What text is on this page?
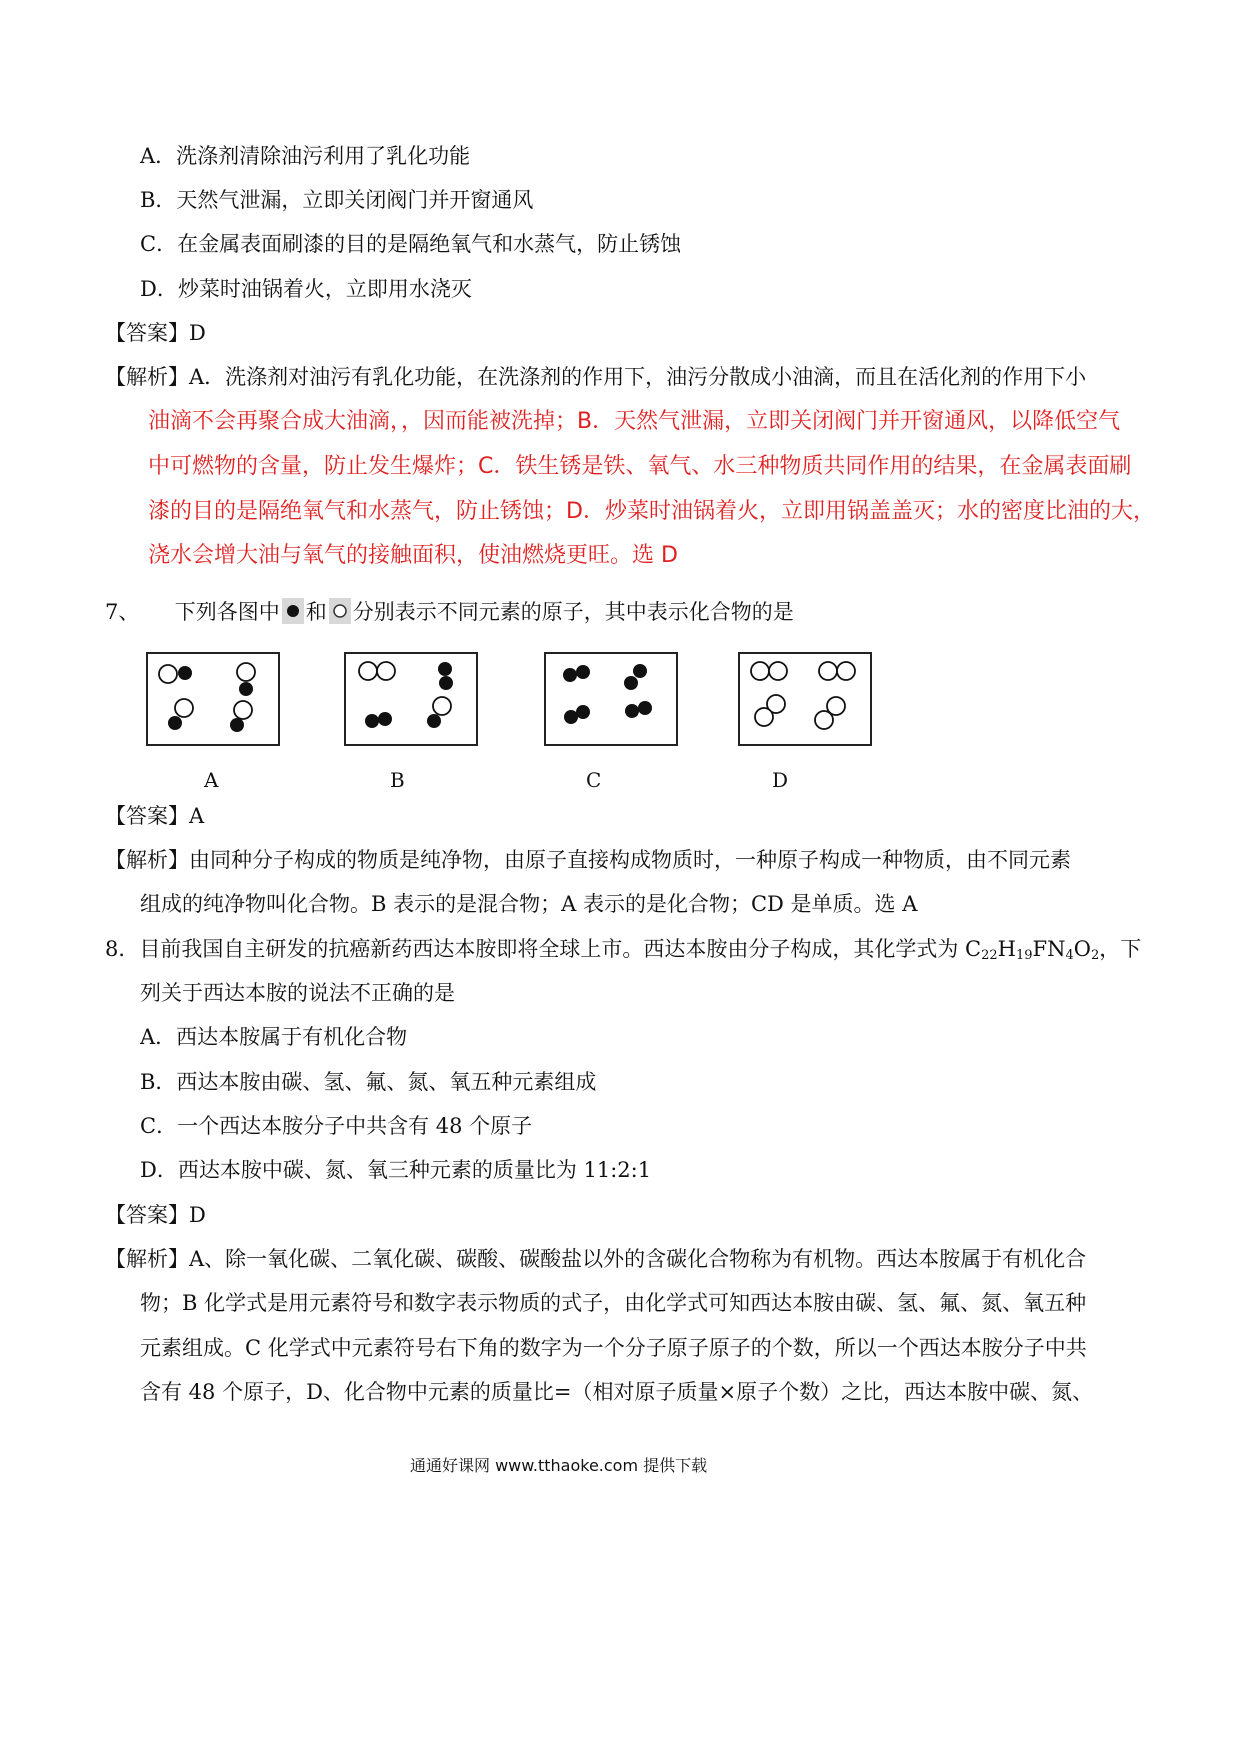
A．洗涤剂清除油污利用了乳化功能
B．天然气泄漏，立即关闭阀门并开窗通风
C．在金属表面刷漆的目的是隔绝氧气和水蒸气，防止锈蚀
D．炒菜时油锅着火，立即用水浇灭
【答案】D
【解析】A．洗涤剂对油污有乳化功能，在洗涤剂的作用下，油污分散成小油滴，而且在活化剂的作用下小
油滴不会再聚合成大油滴，，因而能被洗掉；B．天然气泄漏，立即关闭阀门并开窗通风，以降低空气
中可燃物的含量，防止发生爆炸；C．铁生锈是铁、氧气、水三种物质共同作用的结果，在金属表面刷
漆的目的是隔绝氧气和水蒸气，防止锈蚀；D．炒菜时油锅着火，立即用锅盖盖灭；水的密度比油的大，
浇水会增大油与氧气的接触面积，使油燃烧更旺。选 D
7、 下列各图中 和 分别表示不同元素的原子，其中表示化合物的是
A	B	C	D
【答案】A
【解析】由同种分子构成的物质是纯净物，由原子直接构成物质时，一种原子构成一种物质，由不同元素
组成的纯净物叫化合物。B 表示的是混合物；A 表示的是化合物；CD 是单质。选 A
8．目前我国自主研发的抗癌新药西达本胺即将全球上市。西达本胺由分子构成，其化学式为 $C_{22}H_{19}FN_4O_2$，下
列关于西达本胺的说法不正确的是
A．西达本胺属于有机化合物
B．西达本胺由碳、氢、氟、氮、氧五种元素组成
C．一个西达本胺分子中共含有 48 个原子
D．西达本胺中碳、氮、氧三种元素的质量比为 11:2:1
【答案】D
【解析】A、除一氧化碳、二氧化碳、碳酸、碳酸盐以外的含碳化合物称为有机物。西达本胺属于有机化合
物；B 化学式是用元素符号和数字表示物质的式子，由化学式可知西达本胺由碳、氢、氟、氮、氧五种
元素组成。C 化学式中元素符号右下角的数字为一个分子原子原子的个数，所以一个西达本胺分子中共
含有 48 个原子，D、化合物中元素的质量比=（相对原子质量×原子个数）之比，西达本胺中碳、氮、
通通好课网 www.tthaoke.com 提供下载
